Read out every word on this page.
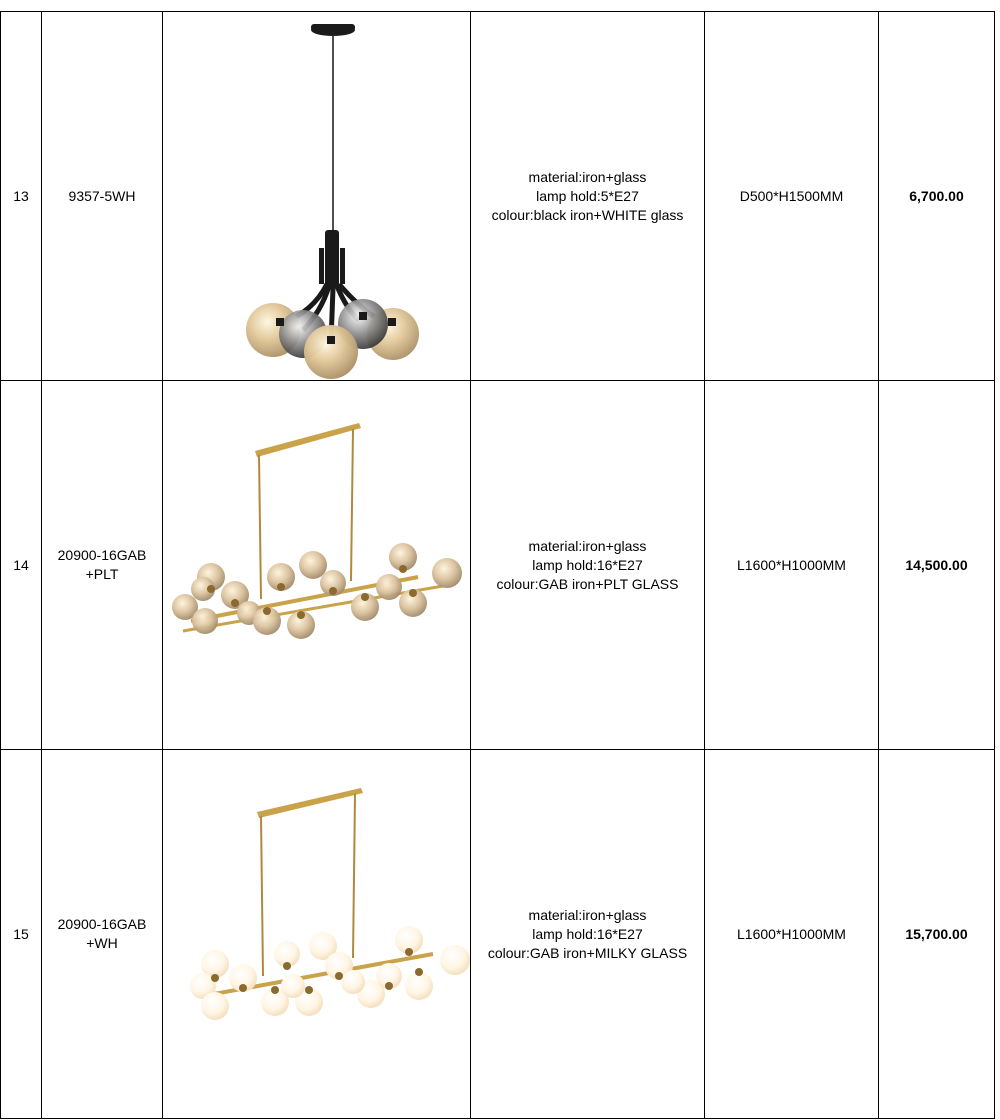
13	9357-5WH		material:iron+glass
lamp hold:5*E27
colour:black iron+WHITE glass	D500*H1500MM	6,700.00
14	20900-16GAB
+PLT		material:iron+glass
lamp hold:16*E27
colour:GAB iron+PLT GLASS	L1600*H1000MM	14,500.00
15	20900-16GAB
+WH		material:iron+glass
lamp hold:16*E27
colour:GAB iron+MILKY GLASS	L1600*H1000MM	15,700.00
